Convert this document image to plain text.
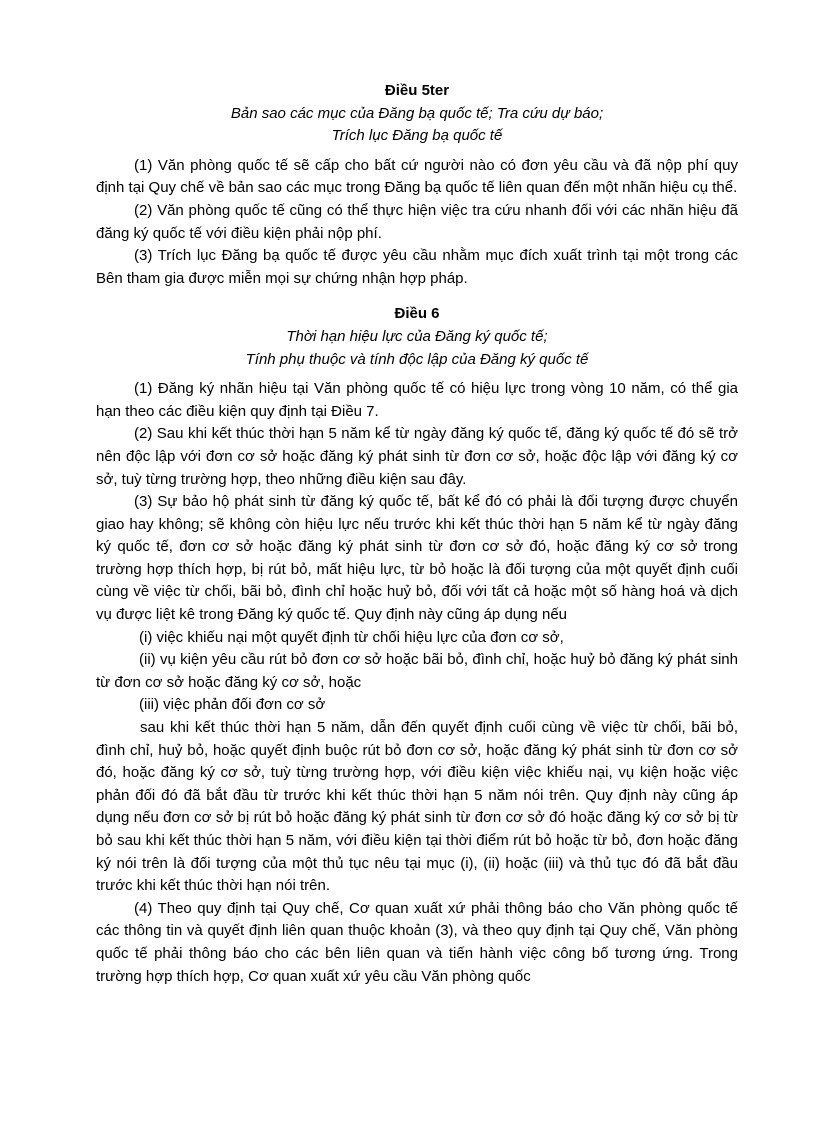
Điều 5ter
Bản sao các mục của Đăng bạ quốc tế; Tra cứu dự báo;
Trích lục Đăng bạ quốc tế

(1) Văn phòng quốc tế sẽ cấp cho bất cứ người nào có đơn yêu cầu và đã nộp phí quy định tại Quy chế về bản sao các mục trong Đăng bạ quốc tế liên quan đến một nhãn hiệu cụ thể.

(2) Văn phòng quốc tế cũng có thể thực hiện việc tra cứu nhanh đối với các nhãn hiệu đã đăng ký quốc tế với điều kiện phải nộp phí.

(3) Trích lục Đăng bạ quốc tế được yêu cầu nhằm mục đích xuất trình tại một trong các Bên tham gia được miễn mọi sự chứng nhận hợp pháp.

Điều 6
Thời hạn hiệu lực của Đăng ký quốc tế;
Tính phụ thuộc và tính độc lập của Đăng ký quốc tế

(1) Đăng ký nhãn hiệu tại Văn phòng quốc tế có hiệu lực trong vòng 10 năm, có thể gia hạn theo các điều kiện quy định tại Điều 7.

(2) Sau khi kết thúc thời hạn 5 năm kể từ ngày đăng ký quốc tế, đăng ký quốc tế đó sẽ trở nên độc lập với đơn cơ sở hoặc đăng ký phát sinh từ đơn cơ sở, hoặc độc lập với đăng ký cơ sở, tuỳ từng trường hợp, theo những điều kiện sau đây.

(3) Sự bảo hộ phát sinh từ đăng ký quốc tế, bất kể đó có phải là đối tượng được chuyển giao hay không; sẽ không còn hiệu lực nếu trước khi kết thúc thời hạn 5 năm kể từ ngày đăng ký quốc tế, đơn cơ sở hoặc đăng ký phát sinh từ đơn cơ sở đó, hoặc đăng ký cơ sở trong trường hợp thích hợp, bị rút bỏ, mất hiệu lực, từ bỏ hoặc là đối tượng của một quyết định cuối cùng về việc từ chối, bãi bỏ, đình chỉ hoặc huỷ bỏ, đối với tất cả hoặc một số hàng hoá và dịch vụ được liệt kê trong Đăng ký quốc tế. Quy định này cũng áp dụng nếu

(i) việc khiếu nại một quyết định từ chối hiệu lực của đơn cơ sở,

(ii) vụ kiện yêu cầu rút bỏ đơn cơ sở hoặc bãi bỏ, đình chỉ, hoặc huỷ bỏ đăng ký phát sinh từ đơn cơ sở hoặc đăng ký cơ sở, hoặc

(iii) việc phản đối đơn cơ sở

sau khi kết thúc thời hạn 5 năm, dẫn đến quyết định cuối cùng về việc từ chối, bãi bỏ, đình chỉ, huỷ bỏ, hoặc quyết định buộc rút bỏ đơn cơ sở, hoặc đăng ký phát sinh từ đơn cơ sở đó, hoặc đăng ký cơ sở, tuỳ từng trường hợp, với điều kiện việc khiếu nại, vụ kiện hoặc việc phản đối đó đã bắt đầu từ trước khi kết thúc thời hạn 5 năm nói trên. Quy định này cũng áp dụng nếu đơn cơ sở bị rút bỏ hoặc đăng ký phát sinh từ đơn cơ sở đó hoặc đăng ký cơ sở bị từ bỏ sau khi kết thúc thời hạn 5 năm, với điều kiện tại thời điểm rút bỏ hoặc từ bỏ, đơn hoặc đăng ký nói trên là đối tượng của một thủ tục nêu tại mục (i), (ii) hoặc (iii) và thủ tục đó đã bắt đầu trước khi kết thúc thời hạn nói trên.

(4) Theo quy định tại Quy chế, Cơ quan xuất xứ phải thông báo cho Văn phòng quốc tế các thông tin và quyết định liên quan thuộc khoản (3), và theo quy định tại Quy chế, Văn phòng quốc tế phải thông báo cho các bên liên quan và tiến hành việc công bố tương ứng. Trong trường hợp thích hợp, Cơ quan xuất xứ yêu cầu Văn phòng quốc
